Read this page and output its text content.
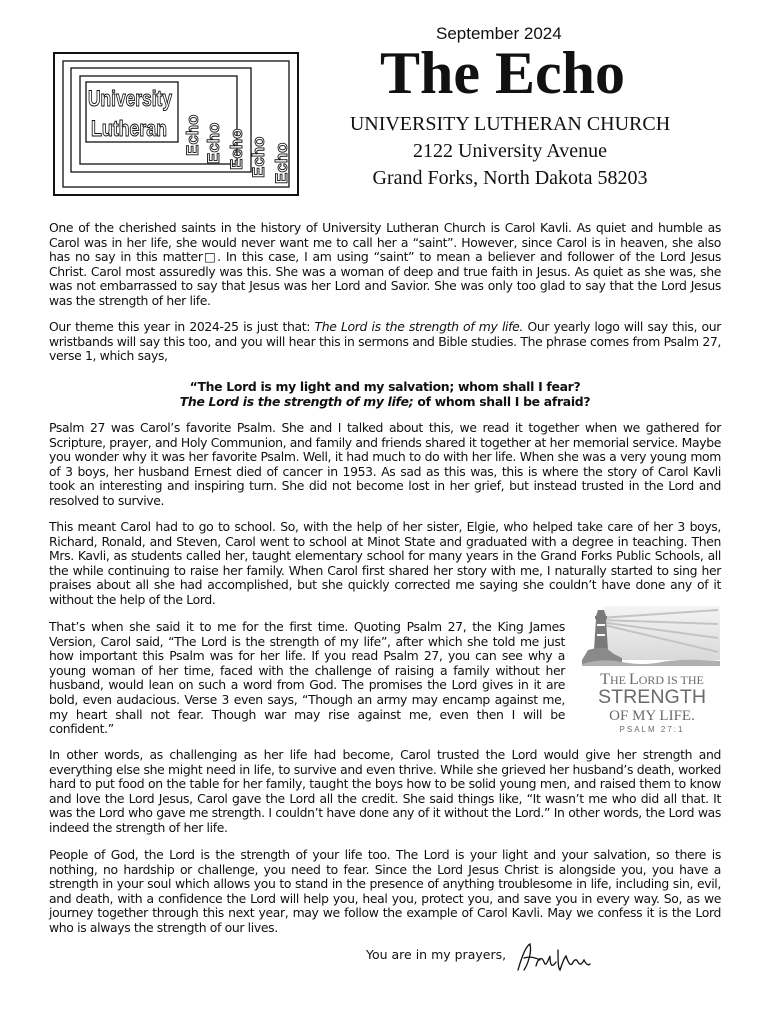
University
Lutheran Echo Echo Echo Echo Echo
September 2024
The Echo
UNIVERSITY LUTHERAN CHURCH
2122 University Avenue
Grand Forks, North Dakota 58203

One of the cherished saints in the history of University Lutheran Church is Carol Kavli. As quiet and humble as Carol was in her life, she would never want me to call her a “saint”. However, since Carol is in heaven, she also has no say in this matter□. In this case, I am using “saint” to mean a believer and follower of the Lord Jesus Christ. Carol most assuredly was this. She was a woman of deep and true faith in Jesus. As quiet as she was, she was not embarrassed to say that Jesus was her Lord and Savior. She was only too glad to say that the Lord Jesus was the strength of her life.

Our theme this year in 2024-25 is just that: The Lord is the strength of my life. Our yearly logo will say this, our wristbands will say this too, and you will hear this in sermons and Bible studies. The phrase comes from Psalm 27, verse 1, which says,

“The Lord is my light and my salvation; whom shall I fear?
The Lord is the strength of my life; of whom shall I be afraid?

Psalm 27 was Carol’s favorite Psalm. She and I talked about this, we read it together when we gathered for Scripture, prayer, and Holy Communion, and family and friends shared it together at her memorial service. Maybe you wonder why it was her favorite Psalm. Well, it had much to do with her life. When she was a very young mom of 3 boys, her husband Ernest died of cancer in 1953. As sad as this was, this is where the story of Carol Kavli took an interesting and inspiring turn. She did not become lost in her grief, but instead trusted in the Lord and resolved to survive.

This meant Carol had to go to school. So, with the help of her sister, Elgie, who helped take care of her 3 boys, Richard, Ronald, and Steven, Carol went to school at Minot State and graduated with a degree in teaching. Then Mrs. Kavli, as students called her, taught elementary school for many years in the Grand Forks Public Schools, all the while continuing to raise her family. When Carol first shared her story with me, I naturally started to sing her praises about all she had accomplished, but she quickly corrected me saying she couldn’t have done any of it without the help of the Lord.

That’s when she said it to me for the first time. Quoting Psalm 27, the King James Version, Carol said, “The Lord is the strength of my life”, after which she told me just how important this Psalm was for her life. If you read Psalm 27, you can see why a young woman of her time, faced with the challenge of raising a family without her husband, would lean on such a word from God. The promises the Lord gives in it are bold, even audacious. Verse 3 even says, “Though an army may encamp against me, my heart shall not fear. Though war may rise against me, even then I will be confident.”

In other words, as challenging as her life had become, Carol trusted the Lord would give her strength and everything else she might need in life, to survive and even thrive. While she grieved her husband’s death, worked hard to put food on the table for her family, taught the boys how to be solid young men, and raised them to know and love the Lord Jesus, Carol gave the Lord all the credit. She said things like, “It wasn’t me who did all that. It was the Lord who gave me strength. I couldn’t have done any of it without the Lord.” In other words, the Lord was indeed the strength of her life.

People of God, the Lord is the strength of your life too. The Lord is your light and your salvation, so there is nothing, no hardship or challenge, you need to fear. Since the Lord Jesus Christ is alongside you, you have a strength in your soul which allows you to stand in the presence of anything troublesome in life, including sin, evil, and death, with a confidence the Lord will help you, heal you, protect you, and save you in every way. So, as we journey together through this next year, may we follow the example of Carol Kavli. May we confess it is the Lord who is always the strength of our lives.

THE LORD IS THE
STRENGTH
OF MY LIFE.
PSALM 27:1
You are in my prayers,
